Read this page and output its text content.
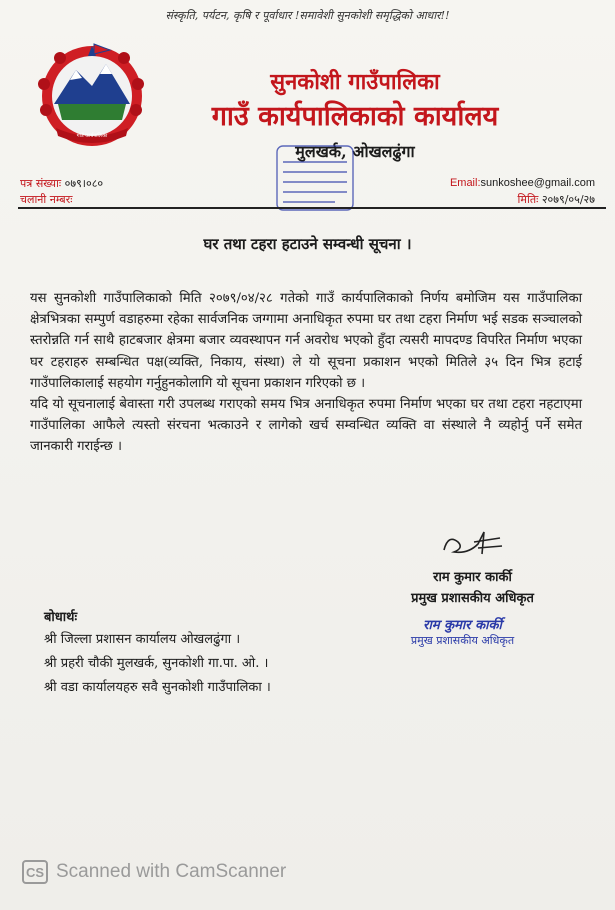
संस्कृति, पर्यटन, कृषि र पूर्वाधार !समावेशी सुनकोशी समृद्धिको आधार!!
गाउँ कार्यपालिका
सुनकोशी गाउँपालिका
गाउँ कार्यपालिकाको कार्यालय
मुलखर्क, ओखलढुंगा
पत्र संख्याः ०७९।०८०
चलानी नम्बरः
Email:sunkoshee@gmail.com
मितिः २०७९/०५/२७
घर तथा टहरा हटाउने सम्वन्धी सूचना ।

यस सुनकोशी गाउँपालिकाको मिति २०७९/०४/२८ गतेको गाउँ कार्यपालिकाको निर्णय बमोजिम यस गाउँपालिका क्षेत्रभित्रका सम्पुर्ण वडाहरुमा रहेका सार्वजनिक जग्गामा अनाधिकृत रुपमा घर तथा टहरा निर्माण भई सडक सञ्चालको स्तरोन्नति गर्न साथै हाटबजार क्षेत्रमा बजार व्यवस्थापन गर्न अवरोध भएको हुँदा त्यसरी मापदण्ड विपरित निर्माण भएका घर टहराहरु सम्बन्धित पक्ष(व्यक्ति, निकाय, संस्था) ले यो सूचना प्रकाशन भएको मितिले ३५ दिन भित्र हटाई गाउँपालिकालाई सहयोग गर्नुहुनकोलागि यो सूचना प्रकाशन गरिएको छ ।

यदि यो सूचनालाई बेवास्ता गरी उपलब्ध गराएको समय भित्र अनाधिकृत रुपमा निर्माण भएका घर तथा टहरा नहटाएमा गाउँपालिका आफैले त्यस्तो संरचना भत्काउने र लागेको खर्च सम्वन्धित व्यक्ति वा संस्थाले नै व्यहोर्नु पर्ने समेत जानकारी गराईन्छ ।

राम कुमार कार्की
प्रमुख प्रशासकीय अधिकृत
राम कुमार कार्की
प्रमुख प्रशासकीय अधिकृत
बोधार्थः
श्री जिल्ला प्रशासन कार्यालय ओखलढुंगा ।
श्री प्रहरी चौकी मुलखर्क, सुनकोशी गा.पा. ओ. ।
श्री वडा कार्यालयहरु सवै सुनकोशी गाउँपालिका ।
CS Scanned with CamScanner
